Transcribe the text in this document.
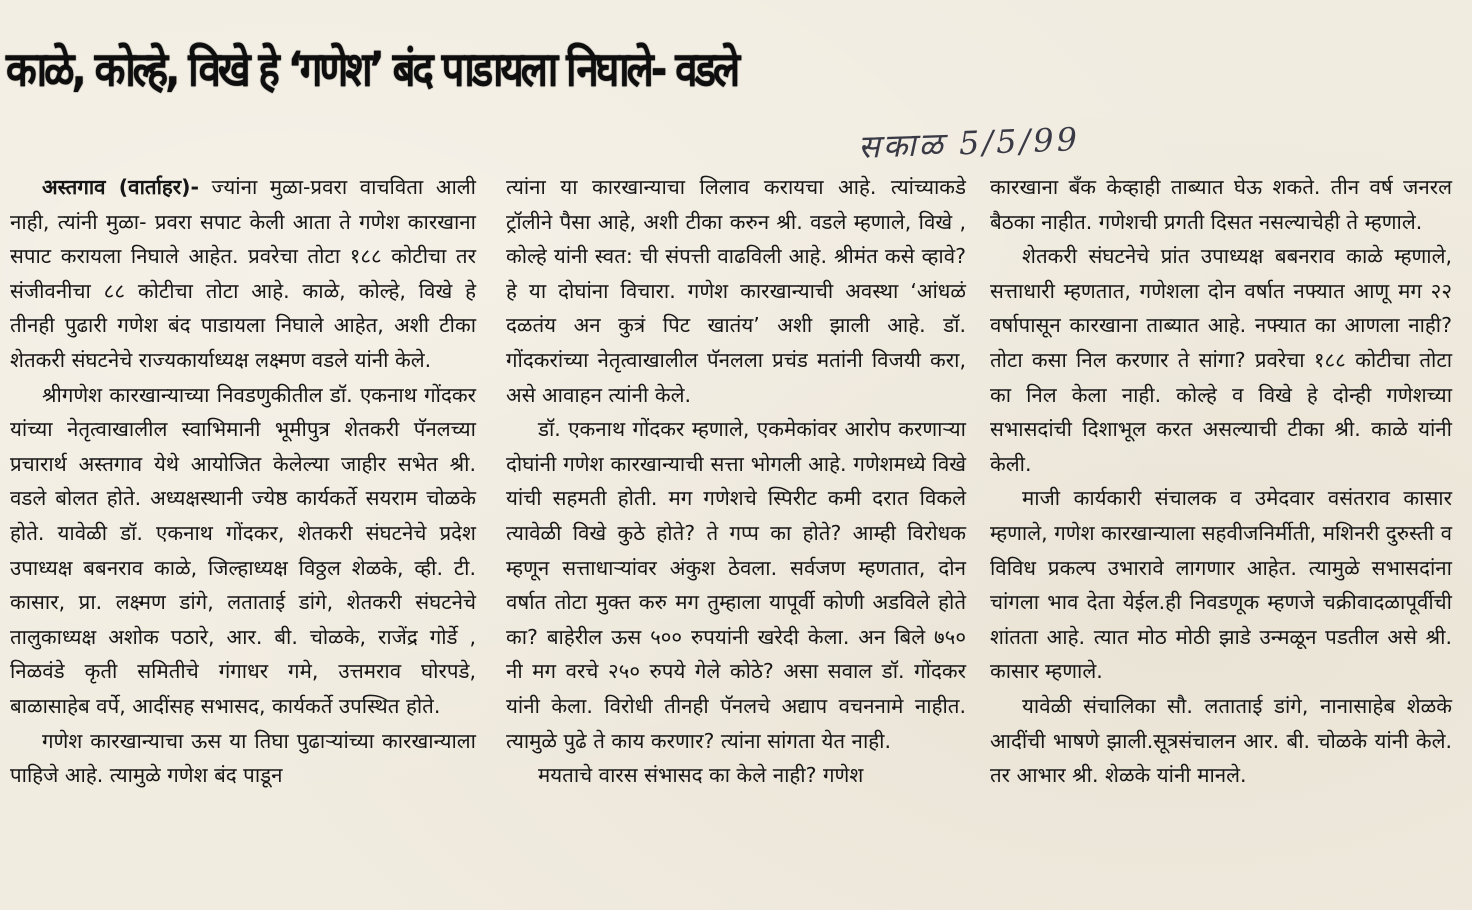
काळे, कोल्हे, विखे हे ‘गणेश’ बंद पाडायला निघाले- वडले
सकाळ 5/5/99

अस्तगाव (वार्ताहर)- ज्यांना मुळा-प्रवरा वाचविता आली नाही, त्यांनी मुळा- प्रवरा सपाट केली आता ते गणेश कारखाना सपाट करायला निघाले आहेत. प्रवरेचा तोटा १८८ कोटीचा तर संजीवनीचा ८८ कोटीचा तोटा आहे. काळे, कोल्हे, विखे हे तीनही पुढारी गणेश बंद पाडायला निघाले आहेत, अशी टीका शेतकरी संघटनेचे राज्यकार्याध्यक्ष लक्ष्मण वडले यांनी केले.

श्रीगणेश कारखान्याच्या निवडणुकीतील डॉ. एकनाथ गोंदकर यांच्या नेतृत्वाखालील स्वाभिमानी भूमीपुत्र शेतकरी पॅनलच्या प्रचारार्थ अस्तगाव येथे आयोजित केलेल्या जाहीर सभेत श्री. वडले बोलत होते. अध्यक्षस्थानी ज्येष्ठ कार्यकर्ते सयराम चोळके होते. यावेळी डॉ. एकनाथ गोंदकर, शेतकरी संघटनेचे प्रदेश उपाध्यक्ष बबनराव काळे, जिल्हाध्यक्ष विठ्ठल शेळके, व्ही. टी. कासार, प्रा. लक्ष्मण डांगे, लताताई डांगे, शेतकरी संघटनेचे तालुकाध्यक्ष अशोक पठारे, आर. बी. चोळके, राजेंद्र गोर्डे , निळवंडे कृती समितीचे गंगाधर गमे, उत्तमराव घोरपडे, बाळासाहेब वर्पे, आदींसह सभासद, कार्यकर्ते उपस्थित होते.

गणेश कारखान्याचा ऊस या तिघा पुढाऱ्यांच्या कारखान्याला पाहिजे आहे. त्यामुळे गणेश बंद पाडून

त्यांना या कारखान्याचा लिलाव करायचा आहे. त्यांच्याकडे ट्रॉलीने पैसा आहे, अशी टीका करुन श्री. वडले म्हणाले, विखे , कोल्हे यांनी स्वत: ची संपत्ती वाढविली आहे. श्रीमंत कसे व्हावे? हे या दोघांना विचारा. गणेश कारखान्याची अवस्था ‘आंधळं दळतंय अन कुत्रं पिट खातंय’ अशी झाली आहे. डॉ. गोंदकरांच्या नेतृत्वाखालील पॅनलला प्रचंड मतांनी विजयी करा, असे आवाहन त्यांनी केले.

डॉ. एकनाथ गोंदकर म्हणाले, एकमेकांवर आरोप करणाऱ्या दोघांनी गणेश कारखान्याची सत्ता भोगली आहे. गणेशमध्ये विखे यांची सहमती होती. मग गणेशचे स्पिरीट कमी दरात विकले त्यावेळी विखे कुठे होते? ते गप्प का होते? आम्ही विरोधक म्हणून सत्ताधाऱ्यांवर अंकुश ठेवला. सर्वजण म्हणतात, दोन वर्षात तोटा मुक्त करु मग तुम्हाला यापूर्वी कोणी अडविले होते का? बाहेरील ऊस ५०० रुपयांनी खरेदी केला. अन बिले ७५० नी मग वरचे २५० रुपये गेले कोठे? असा सवाल डॉ. गोंदकर यांनी केला. विरोधी तीनही पॅनलचे अद्याप वचननामे नाहीत. त्यामुळे पुढे ते काय करणार? त्यांना सांगता येत नाही.

मयताचे वारस संभासद का केले नाही? गणेश

कारखाना बँक केव्हाही ताब्यात घेऊ शकते. तीन वर्ष जनरल बैठका नाहीत. गणेशची प्रगती दिसत नसल्याचेही ते म्हणाले.

शेतकरी संघटनेचे प्रांत उपाध्यक्ष बबनराव काळे म्हणाले, सत्ताधारी म्हणतात, गणेशला दोन वर्षात नफ्यात आणू मग २२ वर्षापासून कारखाना ताब्यात आहे. नफ्यात का आणला नाही? तोटा कसा निल करणार ते सांगा? प्रवरेचा १८८ कोटीचा तोटा का निल केला नाही. कोल्हे व विखे हे दोन्ही गणेशच्या सभासदांची दिशाभूल करत असल्याची टीका श्री. काळे यांनी केली.

माजी कार्यकारी संचालक व उमेदवार वसंतराव कासार म्हणाले, गणेश कारखान्याला सहवीजनिर्मीती, मशिनरी दुरुस्ती व विविध प्रकल्प उभारावे लागणार आहेत. त्यामुळे सभासदांना चांगला भाव देता येईल.ही निवडणूक म्हणजे चक्रीवादळापूर्वीची शांतता आहे. त्यात मोठ मोठी झाडे उन्मळून पडतील असे श्री. कासार म्हणाले.

यावेळी संचालिका सौ. लताताई डांगे, नानासाहेब शेळके आदींची भाषणे झाली.सूत्रसंचालन आर. बी. चोळके यांनी केले. तर आभार श्री. शेळके यांनी मानले.
